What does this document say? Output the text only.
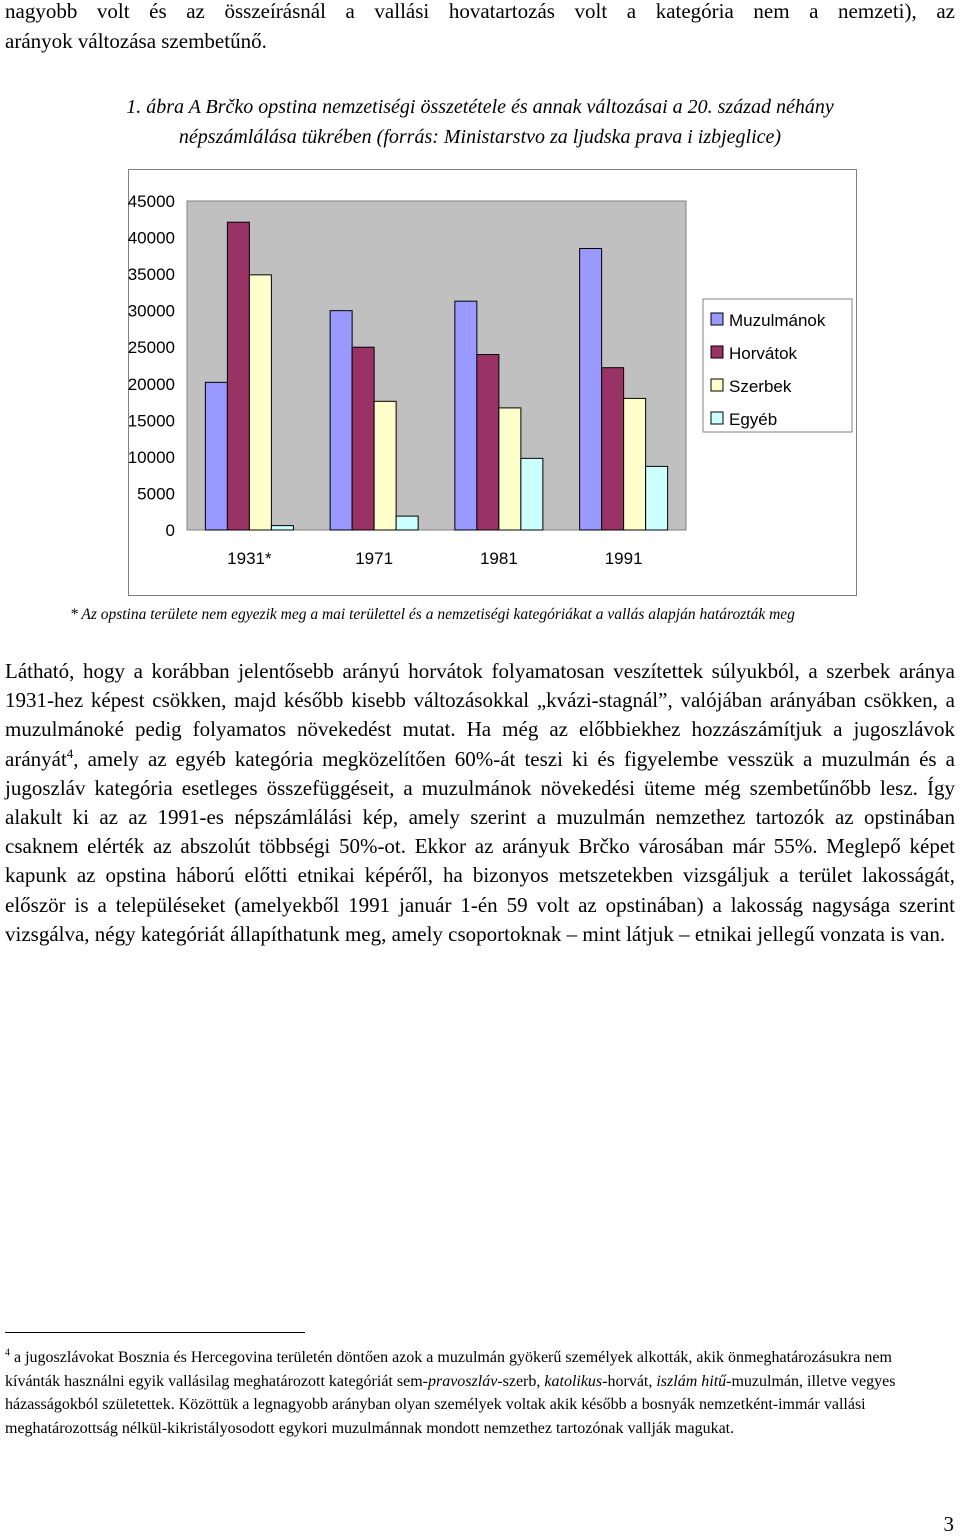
nagyobb volt és az összeírásnál a vallási hovatartozás volt a kategória nem a nemzeti), az
arányok változása szembetűnő.
1. ábra A Brčko opstina nemzetiségi összetétele és annak változásai a 20. század néhány
népszámlálása tükrében (forrás: Ministarstvo za ljudska prava i izbjeglice)
0
5000
10000
15000
20000
25000
30000
35000
40000
45000
1931*	1971	1981	1991
Muzulmánok
Horvátok
Szerbek
Egyéb
* Az opstina területe nem egyezik meg a mai területtel és a nemzetiségi kategóriákat a vallás alapján határozták meg
Látható, hogy a korábban jelentősebb arányú horvátok folyamatosan veszítettek súlyukból, a szerbek aránya 1931-hez képest csökken, majd később kisebb változásokkal „kvázi-stagnál”, valójában arányában csökken, a muzulmánoké pedig folyamatos növekedést mutat. Ha még az előbbiekhez hozzászámítjuk a jugoszlávok arányát$^4$, amely az egyéb kategória megközelítően 60%-át teszi ki és figyelembe vesszük a muzulmán és a jugoszláv kategória esetleges összefüggéseit, a muzulmánok növekedési üteme még szembetűnőbb lesz. Így alakult ki az az 1991-es népszámlálási kép, amely szerint a muzulmán nemzethez tartozók az opstinában csaknem elérték az abszolút többségi 50%-ot. Ekkor az arányuk Brčko városában már 55%. Meglepő képet kapunk az opstina háború előtti etnikai képéről, ha bizonyos metszetekben vizsgáljuk a terület lakosságát, először is a településeket (amelyekből 1991 január 1-én 59 volt az opstinában) a lakosság nagysága szerint vizsgálva, négy kategóriát állapíthatunk meg, amely csoportoknak – mint látjuk – etnikai jellegű vonzata is van.
$^4$ a jugoszlávokat Bosznia és Hercegovina területén döntően azok a muzulmán gyökerű személyek alkották, akik önmeghatározásukra nem kívánták használni egyik vallásilag meghatározott kategóriát sem-pravoszláv-szerb, katolikus-horvát, iszlám hitű-muzulmán, illetve vegyes házasságokból születettek. Közöttük a legnagyobb arányban olyan személyek voltak akik később a bosnyák nemzetként-immár vallási meghatározottság nélkül-kikristályosodott egykori muzulmánnak mondott nemzethez tartozónak vallják magukat.
3
